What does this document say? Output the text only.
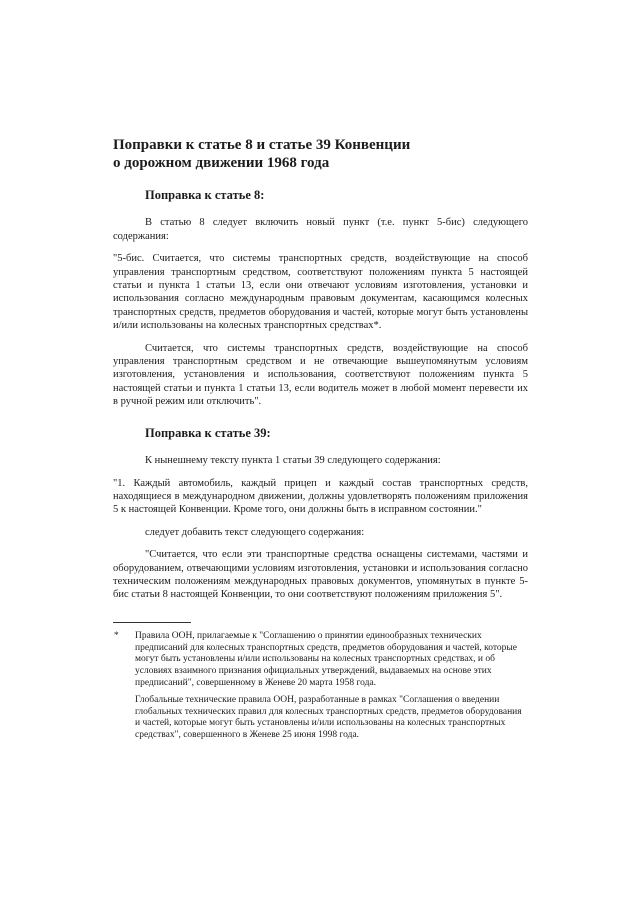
Поправки к статье 8 и статье 39 Конвенции
о дорожном движении 1968 года
Поправка к статье 8:

В статью 8 следует включить новый пункт (т.е. пункт 5-бис) следующего содержания:

"5-бис. Считается, что системы транспортных средств, воздействующие на способ управления транспортным средством, соответствуют положениям пункта 5 настоящей статьи и пункта 1 статьи 13, если они отвечают условиям изготовления, установки и использования согласно международным правовым документам, касающимся колесных транспортных средств, предметов оборудования и частей, которые могут быть установлены и/или использованы на колесных транспортных средствах*.

Считается, что системы транспортных средств, воздействующие на способ управления транспортным средством и не отвечающие вышеупомянутым условиям изготовления, установления и использования, соответствуют положениям пункта 5 настоящей статьи и пункта 1 статьи 13, если водитель может в любой момент перевести их в ручной режим или отключить".

Поправка к статье 39:

К нынешнему тексту пункта 1 статьи 39 следующего содержания:

"1. Каждый автомобиль, каждый прицеп и каждый состав транспортных средств, находящиеся в международном движении, должны удовлетворять положениям приложения 5 к настоящей Конвенции. Кроме того, они должны быть в исправном состоянии."

следует добавить текст следующего содержания:

"Считается, что если эти транспортные средства оснащены системами, частями и оборудованием, отвечающими условиям изготовления, установки и использования согласно техническим положениям международных правовых документов, упомянутых в пункте 5-бис статьи 8 настоящей Конвенции, то они соответствуют положениям приложения 5".

* Правила ООН, прилагаемые к "Соглашению о принятии единообразных технических предписаний для колесных транспортных средств, предметов оборудования и частей, которые могут быть установлены и/или использованы на колесных транспортных средствах, и об условиях взаимного признания официальных утверждений, выдаваемых на основе этих предписаний", совершенному в Женеве 20 марта 1958 года.

Глобальные технические правила ООН, разработанные в рамках "Соглашения о введении глобальных технических правил для колесных транспортных средств, предметов оборудования и частей, которые могут быть установлены и/или использованы на колесных транспортных средствах", совершенного в Женеве 25 июня 1998 года.
